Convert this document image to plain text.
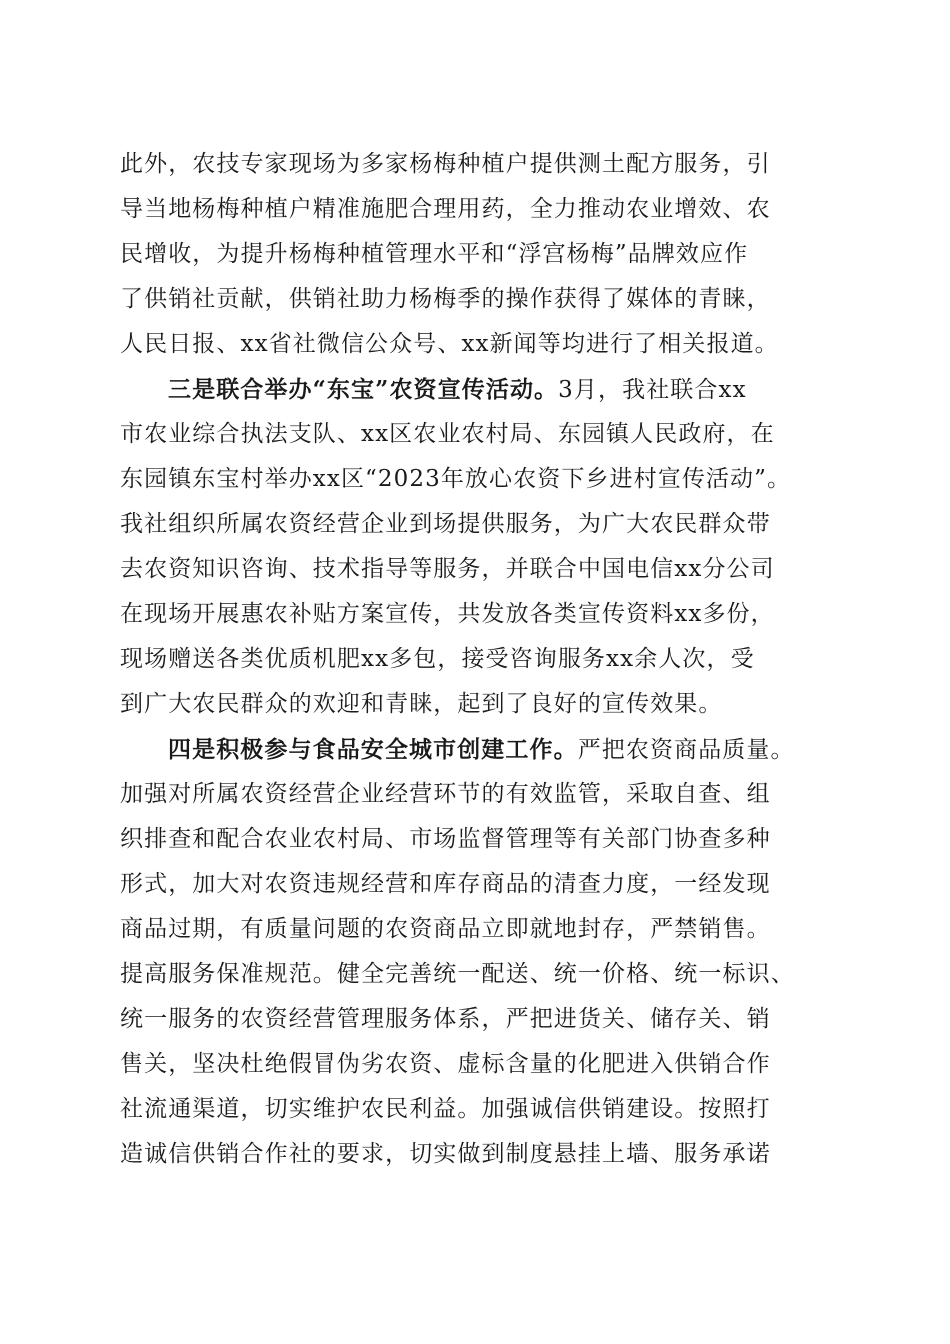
此外，农技专家现场为多家杨梅种植户提供测土配方服务，引
导当地杨梅种植户精准施肥合理用药，全力推动农业增效、农
民增收，为提升杨梅种植管理水平和“浮宫杨梅”品牌效应作
了供销社贡献，供销社助力杨梅季的操作获得了媒体的青睐，
人民日报、xx省社微信公众号、xx新闻等均进行了相关报道。
三是联合举办“东宝”农资宣传活动。3月，我社联合xx
市农业综合执法支队、xx区农业农村局、东园镇人民政府，在
东园镇东宝村举办xx区“2023年放心农资下乡进村宣传活动”。
我社组织所属农资经营企业到场提供服务，为广大农民群众带
去农资知识咨询、技术指导等服务，并联合中国电信xx分公司
在现场开展惠农补贴方案宣传，共发放各类宣传资料xx多份，
现场赠送各类优质机肥xx多包，接受咨询服务xx余人次，受
到广大农民群众的欢迎和青睐，起到了良好的宣传效果。
四是积极参与食品安全城市创建工作。严把农资商品质量。
加强对所属农资经营企业经营环节的有效监管，采取自查、组
织排查和配合农业农村局、市场监督管理等有关部门协查多种
形式，加大对农资违规经营和库存商品的清查力度，一经发现
商品过期，有质量问题的农资商品立即就地封存，严禁销售。
提高服务保准规范。健全完善统一配送、统一价格、统一标识、
统一服务的农资经营管理服务体系，严把进货关、储存关、销
售关，坚决杜绝假冒伪劣农资、虚标含量的化肥进入供销合作
社流通渠道，切实维护农民利益。加强诚信供销建设。按照打
造诚信供销合作社的要求，切实做到制度悬挂上墙、服务承诺
